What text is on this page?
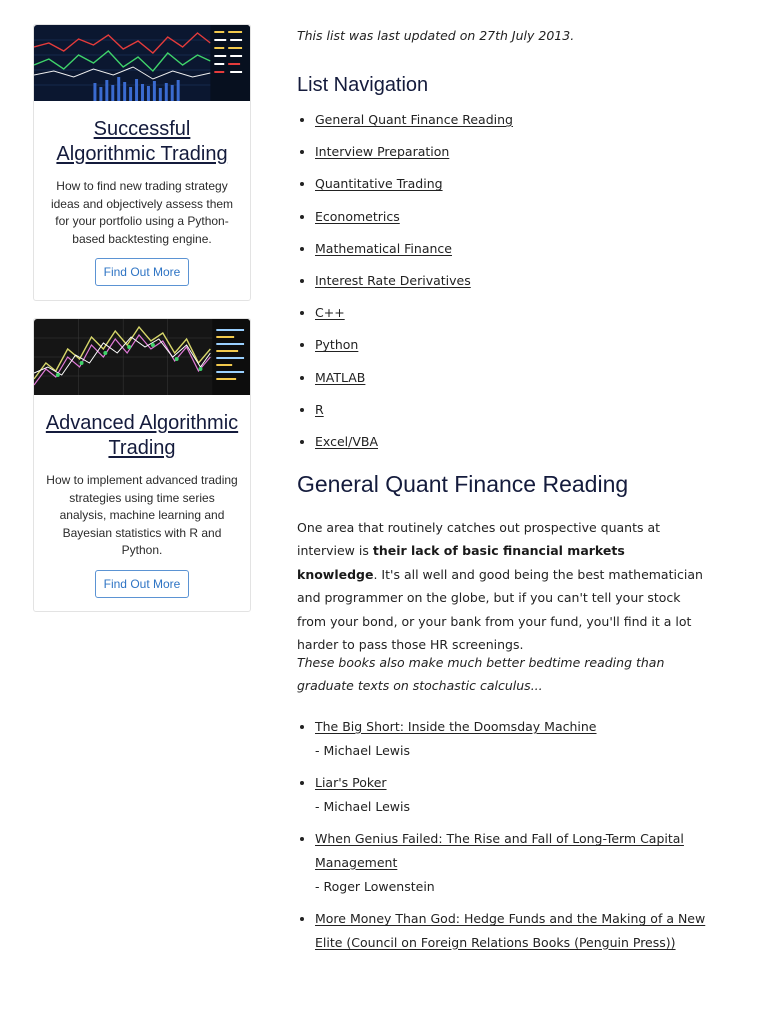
Successful Algorithmic Trading

How to find new trading strategy ideas and objectively assess them for your portfolio using a Python-based backtesting engine.

Find Out More
Advanced Algorithmic Trading

How to implement advanced trading strategies using time series analysis, machine learning and Bayesian statistics with R and Python.

Find Out More

This list was last updated on 27th July 2013.

List Navigation
• General Quant Finance Reading
• Interview Preparation
• Quantitative Trading
• Econometrics
• Mathematical Finance
• Interest Rate Derivatives
• C++
• Python
• MATLAB
• R
• Excel/VBA
General Quant Finance Reading

One area that routinely catches out prospective quants at interview is their lack of basic financial markets knowledge. It's all well and good being the best mathematician and programmer on the globe, but if you can't tell your stock from your bond, or your bank from your fund, you'll find it a lot harder to pass those HR screenings.

These books also make much better bedtime reading than graduate texts on stochastic calculus...

• The Big Short: Inside the Doomsday Machine
- Michael Lewis
• Liar's Poker
- Michael Lewis
• When Genius Failed: The Rise and Fall of Long-Term Capital Management
- Roger Lowenstein
• More Money Than God: Hedge Funds and the Making of a New Elite (Council on Foreign Relations Books (Penguin Press))
